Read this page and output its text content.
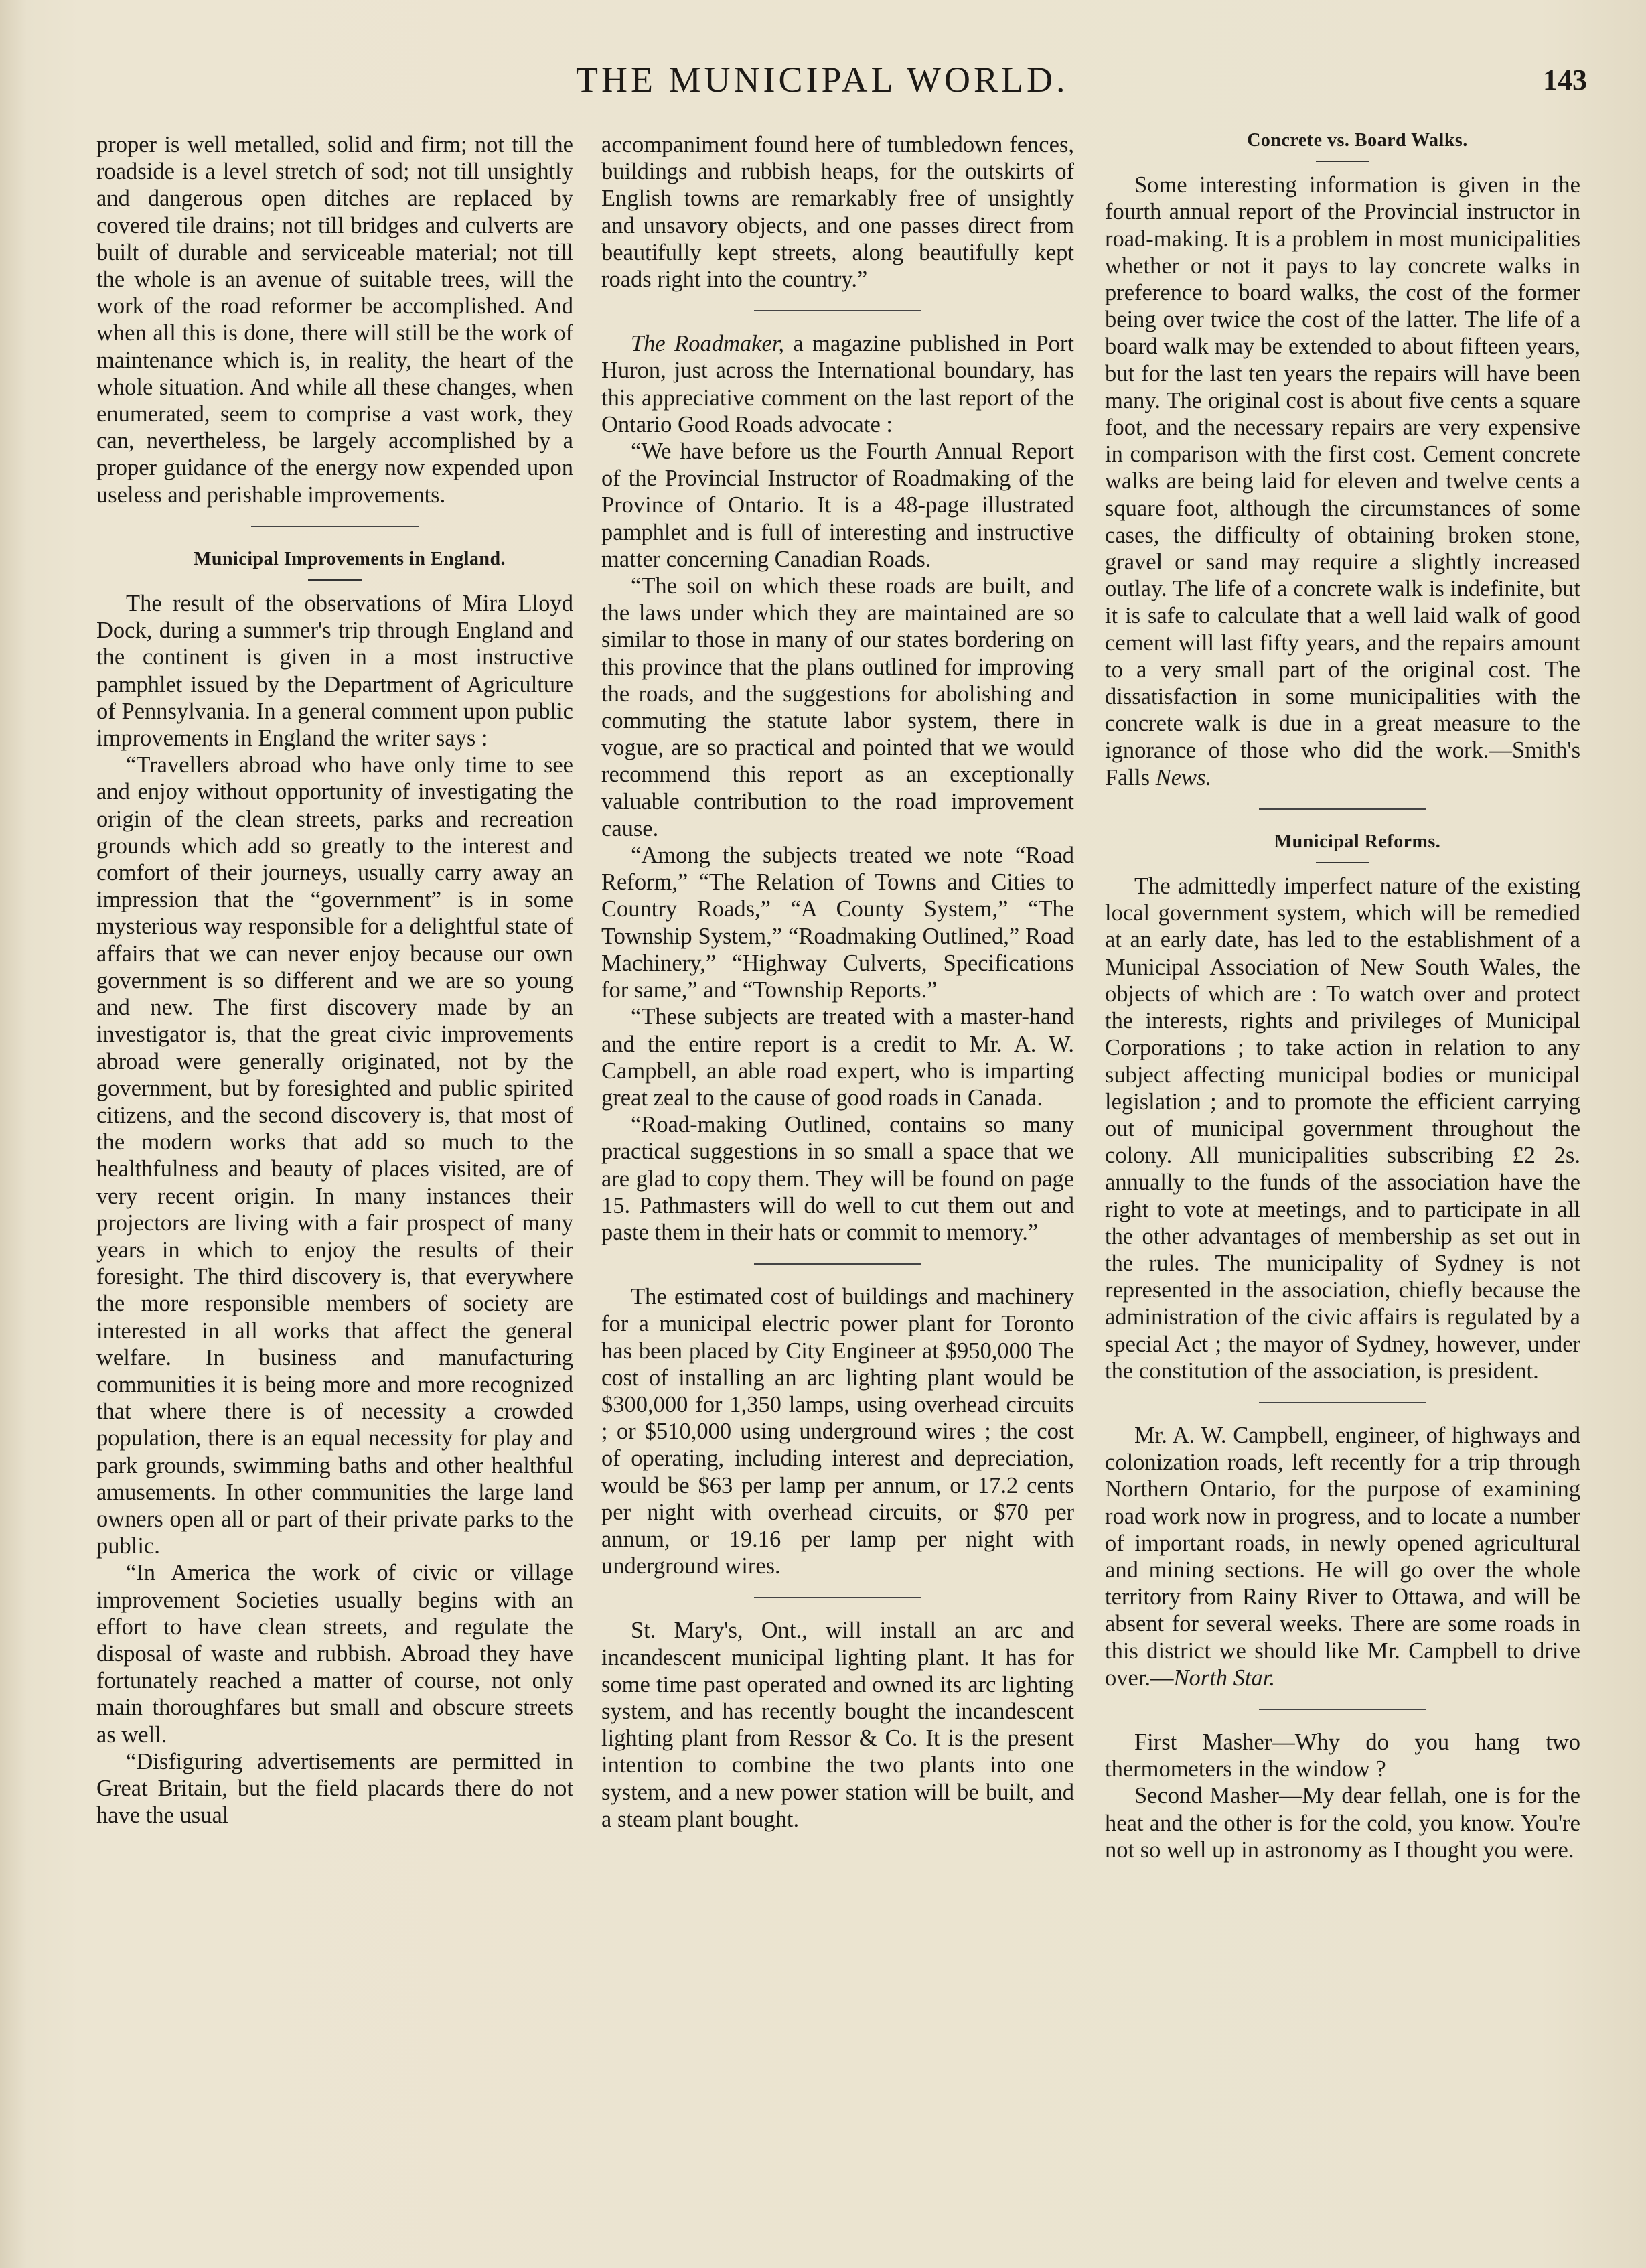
THE MUNICIPAL WORLD.	143

proper is well metalled, solid and firm; not till the roadside is a level stretch of sod; not till unsightly and dangerous open ditches are replaced by covered tile drains; not till bridges and culverts are built of durable and serviceable material; not till the whole is an avenue of suitable trees, will the work of the road reformer be accomplished. And when all this is done, there will still be the work of maintenance which is, in reality, the heart of the whole situation. And while all these changes, when enumerated, seem to comprise a vast work, they can, nevertheless, be largely accomplished by a proper guidance of the energy now expended upon useless and perishable improvements.

Municipal Improvements in England.

The result of the observations of Mira Lloyd Dock, during a summer's trip through England and the continent is given in a most instructive pamphlet issued by the Department of Agriculture of Pennsylvania. In a general comment upon public improvements in England the writer says :

“Travellers abroad who have only time to see and enjoy without opportunity of investigating the origin of the clean streets, parks and recreation grounds which add so greatly to the interest and comfort of their journeys, usually carry away an impression that the “government” is in some mysterious way responsible for a delightful state of affairs that we can never enjoy because our own government is so different and we are so young and new. The first discovery made by an investigator is, that the great civic improvements abroad were generally originated, not by the government, but by foresighted and public spirited citizens, and the second discovery is, that most of the modern works that add so much to the healthfulness and beauty of places visited, are of very recent origin. In many instances their projectors are living with a fair prospect of many years in which to enjoy the results of their foresight. The third discovery is, that everywhere the more responsible members of society are interested in all works that affect the general welfare. In business and manufacturing communities it is being more and more recognized that where there is of necessity a crowded population, there is an equal necessity for play and park grounds, swimming baths and other healthful amusements. In other communities the large land owners open all or part of their private parks to the public.

“In America the work of civic or village improvement Societies usually begins with an effort to have clean streets, and regulate the disposal of waste and rubbish. Abroad they have fortunately reached a matter of course, not only main thoroughfares but small and obscure streets as well.

“Disfiguring advertisements are permitted in Great Britain, but the field placards there do not have the usual

accompaniment found here of tumbledown fences, buildings and rubbish heaps, for the outskirts of English towns are remarkably free of unsightly and unsavory objects, and one passes direct from beautifully kept streets, along beautifully kept roads right into the country.”

The Roadmaker, a magazine published in Port Huron, just across the International boundary, has this appreciative comment on the last report of the Ontario Good Roads advocate :

“We have before us the Fourth Annual Report of the Provincial Instructor of Roadmaking of the Province of Ontario. It is a 48-page illustrated pamphlet and is full of interesting and instructive matter concerning Canadian Roads.

“The soil on which these roads are built, and the laws under which they are maintained are so similar to those in many of our states bordering on this province that the plans outlined for improving the roads, and the suggestions for abolishing and commuting the statute labor system, there in vogue, are so practical and pointed that we would recommend this report as an exceptionally valuable contribution to the road improvement cause.

“Among the subjects treated we note “Road Reform,” “The Relation of Towns and Cities to Country Roads,” “A County System,” “The Township System,” “Roadmaking Outlined,” Road Machinery,” “Highway Culverts, Specifications for same,” and “Township Reports.”

“These subjects are treated with a master-hand and the entire report is a credit to Mr. A. W. Campbell, an able road expert, who is imparting great zeal to the cause of good roads in Canada.

“Road-making Outlined, contains so many practical suggestions in so small a space that we are glad to copy them. They will be found on page 15. Pathmasters will do well to cut them out and paste them in their hats or commit to memory.”

The estimated cost of buildings and machinery for a municipal electric power plant for Toronto has been placed by City Engineer at $950,000 The cost of installing an arc lighting plant would be $300,000 for 1,350 lamps, using overhead circuits ; or $510,000 using underground wires ; the cost of operating, including interest and depreciation, would be $63 per lamp per annum, or 17.2 cents per night with overhead circuits, or $70 per annum, or 19.16 per lamp per night with underground wires.

St. Mary's, Ont., will install an arc and incandescent municipal lighting plant. It has for some time past operated and owned its arc lighting system, and has recently bought the incandescent lighting plant from Ressor & Co. It is the present intention to combine the two plants into one system, and a new power station will be built, and a steam plant bought.

Concrete vs. Board Walks.

Some interesting information is given in the fourth annual report of the Provincial instructor in road-making. It is a problem in most municipalities whether or not it pays to lay concrete walks in preference to board walks, the cost of the former being over twice the cost of the latter. The life of a board walk may be extended to about fifteen years, but for the last ten years the repairs will have been many. The original cost is about five cents a square foot, and the necessary repairs are very expensive in comparison with the first cost. Cement concrete walks are being laid for eleven and twelve cents a square foot, although the circumstances of some cases, the difficulty of obtaining broken stone, gravel or sand may require a slightly increased outlay. The life of a concrete walk is indefinite, but it is safe to calculate that a well laid walk of good cement will last fifty years, and the repairs amount to a very small part of the original cost. The dissatisfaction in some municipalities with the concrete walk is due in a great measure to the ignorance of those who did the work.—Smith's Falls News.

Municipal Reforms.

The admittedly imperfect nature of the existing local government system, which will be remedied at an early date, has led to the establishment of a Municipal Association of New South Wales, the objects of which are : To watch over and protect the interests, rights and privileges of Municipal Corporations ; to take action in relation to any subject affecting municipal bodies or municipal legislation ; and to promote the efficient carrying out of municipal government throughout the colony. All municipalities subscribing £2 2s. annually to the funds of the association have the right to vote at meetings, and to participate in all the other advantages of membership as set out in the rules. The municipality of Sydney is not represented in the association, chiefly because the administration of the civic affairs is regulated by a special Act ; the mayor of Sydney, however, under the constitution of the association, is president.

Mr. A. W. Campbell, engineer, of highways and colonization roads, left recently for a trip through Northern Ontario, for the purpose of examining road work now in progress, and to locate a number of important roads, in newly opened agricultural and mining sections. He will go over the whole territory from Rainy River to Ottawa, and will be absent for several weeks. There are some roads in this district we should like Mr. Campbell to drive over.—North Star.

First Masher—Why do you hang two thermometers in the window ?

Second Masher—My dear fellah, one is for the heat and the other is for the cold, you know. You're not so well up in astronomy as I thought you were.
